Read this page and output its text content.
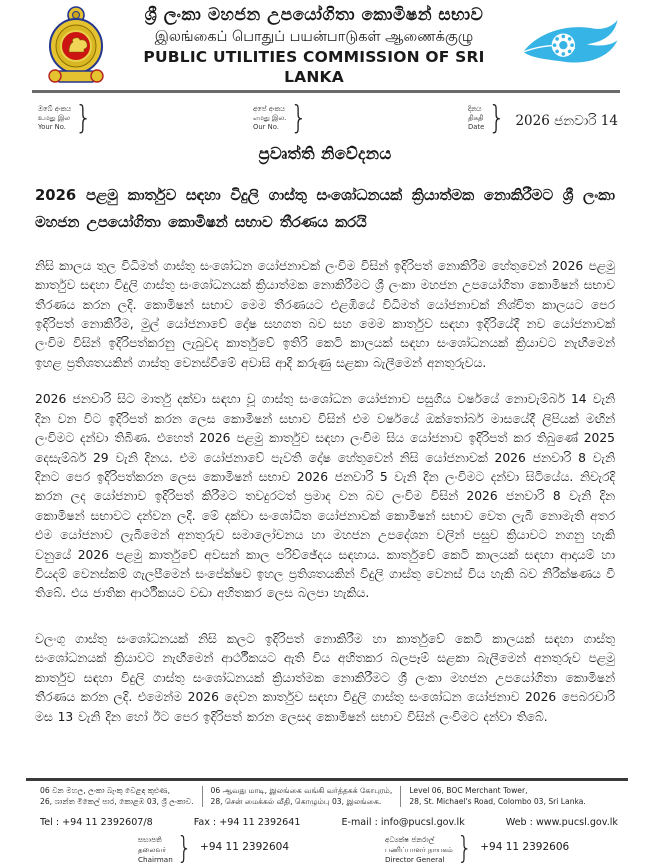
ශ්‍රී ලංකා මහජන උපයෝගිතා කොමිෂන් සභාව
இலங்கைப் பொதுப் பயன்பாடுகள் ஆணைக்குழு
PUBLIC UTILITIES COMMISSION OF SRI LANKA
ඔබේ අංකය
உமது இல
Your No. }	අපේ අංකය
எமது இல.
Our No. }	දිනය
திகதி
Date } 2026 ජනවාරි 14
ප්‍රවෘත්ති නිවේදනය
2026 පළමු කාර්තුව සඳහා විදුලි ගාස්තු සංශෝධනයක් ක්‍රියාත්මක නොකිරීමට ශ්‍රී ලංකා මහජන උපයෝගිතා කොමිෂන් සභාව තීරණය කරයි

නිසි කාලය තුල විධිමත් ගාස්තු සංශෝධන යෝජනාවක් ලංවිම විසින් ඉදිරිපත් නොකිරීම හේතුවෙන් 2026 පළමු කාර්තුව සඳහා විදුලි ගාස්තු සංශෝධනයක් ක්‍රියාත්මක නොකිරීමට ශ්‍රී ලංකා මහජන උපයෝගිතා කොමිෂන් සභාව තීරණය කරන ලදි. කොමිෂන් සභාව මෙම තීරණයට එළඹියේ විධිමත් යෝජනාවක් නිශ්චිත කාලයට පෙර ඉදිරිපත් නොකිරීම, මුල් යෝජනාවේ දෝෂ සහගත බව සහ මෙම කාර්තුව සඳහා ඉදිරියේදී නව යෝජනාවක් ලංවිම විසින් ඉදිරිපත්කරනු ලැබුවද කාර්තුවේ ඉතිරි කෙටි කාලයක් සඳහා සංශෝධනයක් ක්‍රියාවට නැඟීමෙන් ඉහළ ප්‍රතිශතයකින් ගාස්තු වෙනස්වීමේ අවාසි ආදි කරුණු සළකා බැලීමෙන් අනතුරුවය.

2026 ජනවාරි සිට මාර්තු දක්වා සඳහා වූ ගාස්තු සංශෝධන යෝජනාව පසුගිය වර්ෂයේ නොවැම්බර් 14 වැනි දින වන විට ඉදිරිපත් කරන ලෙස කොමිෂන් සභාව විසින් එම වර්ෂයේ ඔක්තෝබර් මාසයේදී ලිපියක් මඟින් ලංවිමට දන්වා තිබිණ. එහෙත් 2026 පළමු කාර්තුව සඳහා ලංවිම සිය යෝජනාව ඉදිරිපත් කර තිබුණේ 2025 දෙසැම්බර් 29 වැනි දිනය. එම යෝජනාවේ පැවති දෝෂ හේතුවෙන් නිසි යෝජනාවක් 2026 ජනවාරි 8 වැනි දිනට පෙර ඉදිරිපත්කරන ලෙස කොමිෂන් සභාව 2026 ජනවාරි 5 වැනි දින ලංවිමට දන්වා සිටියේය. නිවැරදි කරන ලද යෝජනාව ඉදිරිපත් කිරීමට තවදුරටත් ප්‍රමාද වන බව ලංවිම විසින් 2026 ජනවාරි 8 වැනි දින කොමිෂන් සභාවට දන්වන ලදි. මේ දක්වා සංශෝධිත යෝජනාවක් කොමිෂන් සභාව වෙත ලැබී නොමැති අතර එම යෝජනාව ලැබීමෙන් අනතුරුව සමාලෝචනය හා මහජන උපදේශන වලින් පසුව ක්‍රියාවට නගනු හැකි වනුයේ 2026 පළමු කාර්තුවේ අවසන් කාල පරිච්ඡේදය සඳහාය. කාර්තුවේ කෙටි කාලයක් සඳහා ආදායම් හා වියදම් වෙනස්කම් ගැලපීමෙන් සංපේක්ෂව ඉහල ප්‍රතිශතයකින් විදුලි ගාස්තු වෙනස් විය හැකි බව නිරීක්ෂණය වී තිබේ. එය ජාතික ආර්ථීකයට වඩා අහිතකර ලෙස බලපා හැකිය.

වලංගු ගාස්තු සංශෝධනයක් නිසි කලට ඉදිරිපත් නොකිරීම හා කාර්තුවේ කෙටි කාලයක් සඳහා ගාස්තු සංශෝධනයක් ක්‍රියාවට නැඟීමෙන් ආර්ථීකයට ඇති විය අහිතකර බලපෑම් සළකා බැලීමෙන් අනතුරුව පළමු කාර්තුව සඳහා විදුලි ගාස්තු සංශෝධනයක් ක්‍රියාත්මක නොකිරීමට ශ්‍රී ලංකා මහජන උපයෝගිතා කොමිෂන් තීරණය කරන ලදි. එමෙන්ම 2026 දෙවන කාර්තුව සඳහා විදුලි ගාස්තු සංශෝධන යෝජනාව 2026 පෙබරවාරි මස 13 වැනි දින හෝ ඊට පෙර ඉදිරිපත් කරන ලෙසද කොමිෂන් සභාව විසින් ලංවිමට දන්වා තිබේ.

06 වන මහල, ලංකා බැංකු වෙළඳ කුළුණ,
26, ශාන්ත මිකෙල් පාර, කොළඹ 03, ශ්‍රී ලංකාව.
06 ஆவது மாடி, இலங்கை வங்கி வர்த்தகக் கோபுரம்,
28, சென் மைக்கல் வீதி, கொழும்பு 03, இலங்கை.
Level 06, BOC Merchant Tower,
28, St. Michael's Road, Colombo 03, Sri Lanka.
Tel : +94 11 2392607/8	Fax : +94 11 2392641	E-mail : info@pucsl.gov.lk	Web : www.pucsl.gov.lk
සභාපති
தலைவர்
Chairman } +94 11 2392604
අධ්‍යක්ෂ ජනරාල්
பணிப்பாளர் நாயகம்
Director General } +94 11 2392606
